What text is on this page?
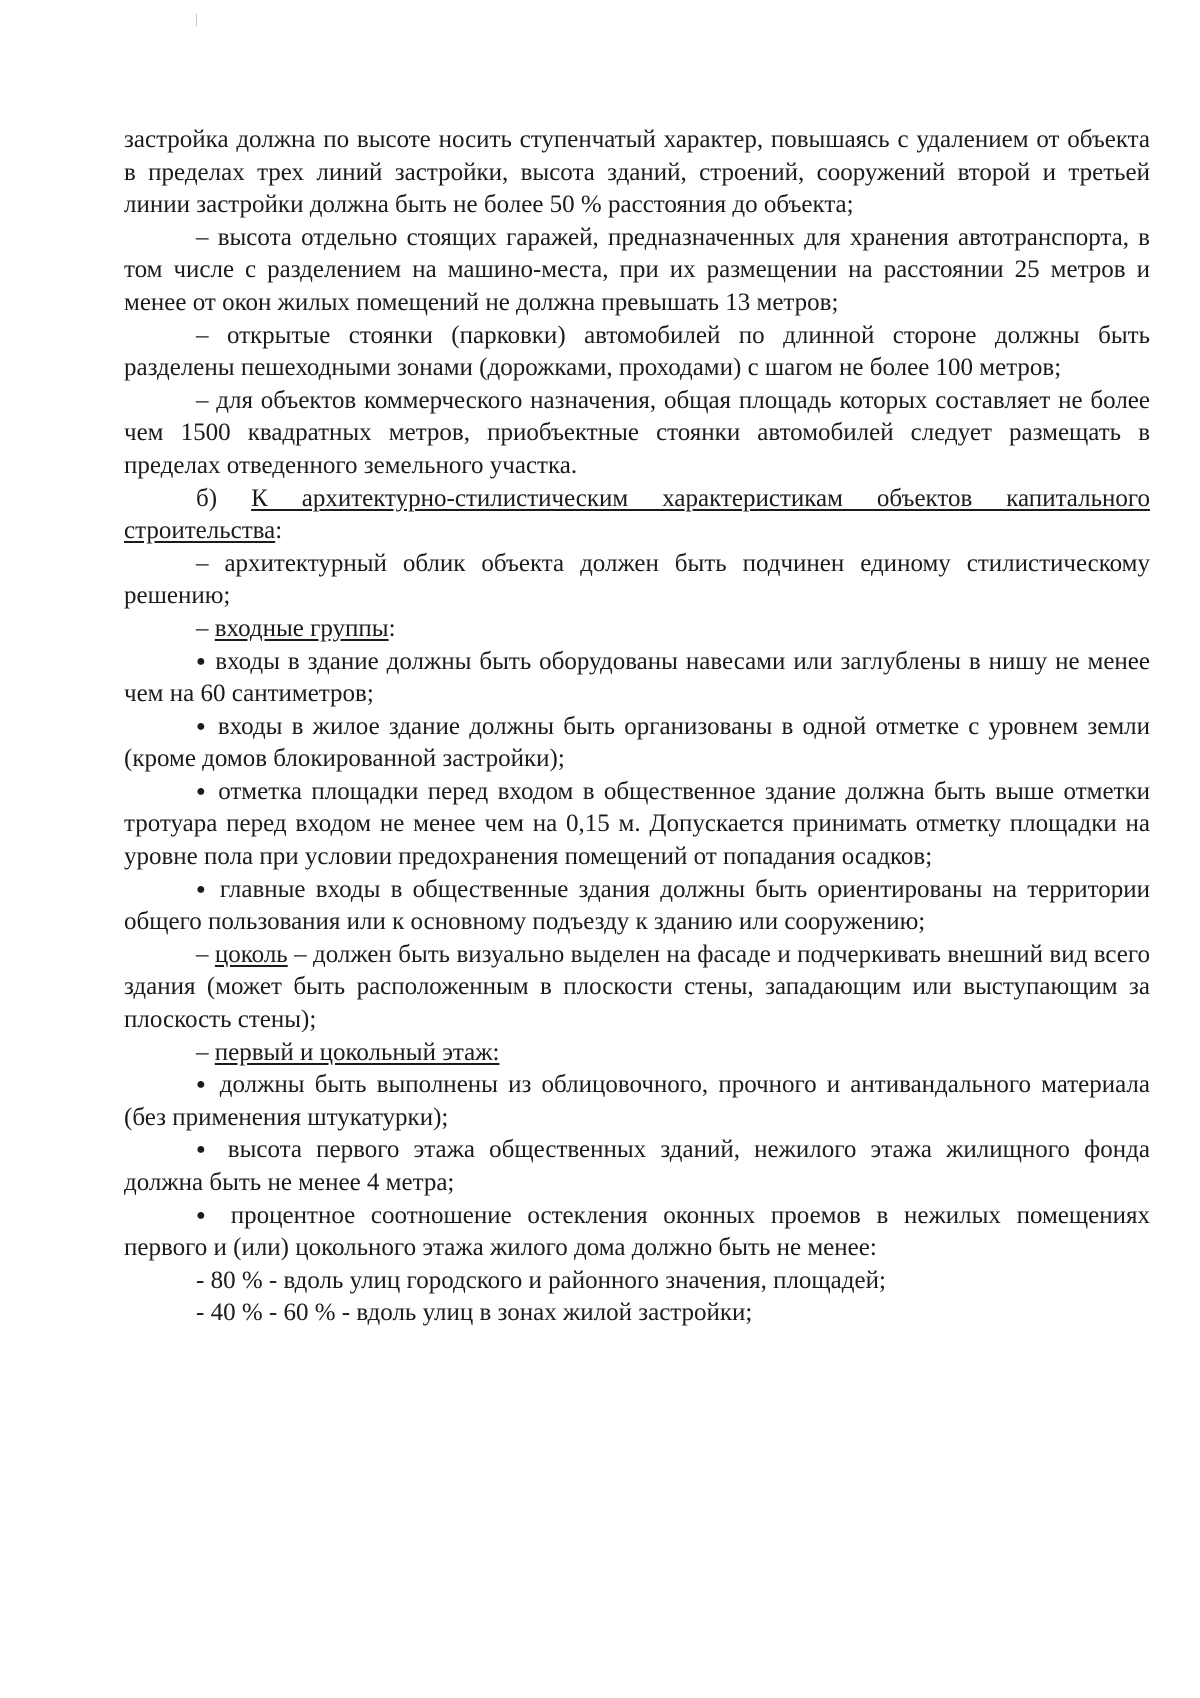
застройка должна по высоте носить ступенчатый характер, повышаясь с удалением от объекта в пределах трех линий застройки, высота зданий, строений, сооружений второй и третьей линии застройки должна быть не более 50 % расстояния до объекта;

– высота отдельно стоящих гаражей, предназначенных для хранения автотранспорта, в том числе с разделением на машино-места, при их размещении на расстоянии 25 метров и менее от окон жилых помещений не должна превышать 13 метров;

– открытые стоянки (парковки) автомобилей по длинной стороне должны быть разделены пешеходными зонами (дорожками, проходами) с шагом не более 100 метров;

– для объектов коммерческого назначения, общая площадь которых составляет не более чем 1500 квадратных метров, приобъектные стоянки автомобилей следует размещать в пределах отведенного земельного участка.

б) К архитектурно-стилистическим характеристикам объектов капитального строительства:

– архитектурный облик объекта должен быть подчинен единому стилистическому решению;

– входные группы:

● входы в здание должны быть оборудованы навесами или заглублены в нишу не менее чем на 60 сантиметров;

● входы в жилое здание должны быть организованы в одной отметке с уровнем земли (кроме домов блокированной застройки);

● отметка площадки перед входом в общественное здание должна быть выше отметки тротуара перед входом не менее чем на 0,15 м. Допускается принимать отметку площадки на уровне пола при условии предохранения помещений от попадания осадков;

● главные входы в общественные здания должны быть ориентированы на территории общего пользования или к основному подъезду к зданию или сооружению;

– цоколь – должен быть визуально выделен на фасаде и подчеркивать внешний вид всего здания (может быть расположенным в плоскости стены, западающим или выступающим за плоскость стены);

– первый и цокольный этаж:

● должны быть выполнены из облицовочного, прочного и антивандального материала (без применения штукатурки);

● высота первого этажа общественных зданий, нежилого этажа жилищного фонда должна быть не менее 4 метра;

● процентное соотношение остекления оконных проемов в нежилых помещениях первого и (или) цокольного этажа жилого дома должно быть не менее:

- 80 % - вдоль улиц городского и районного значения, площадей;

- 40 % - 60 % - вдоль улиц в зонах жилой застройки;
